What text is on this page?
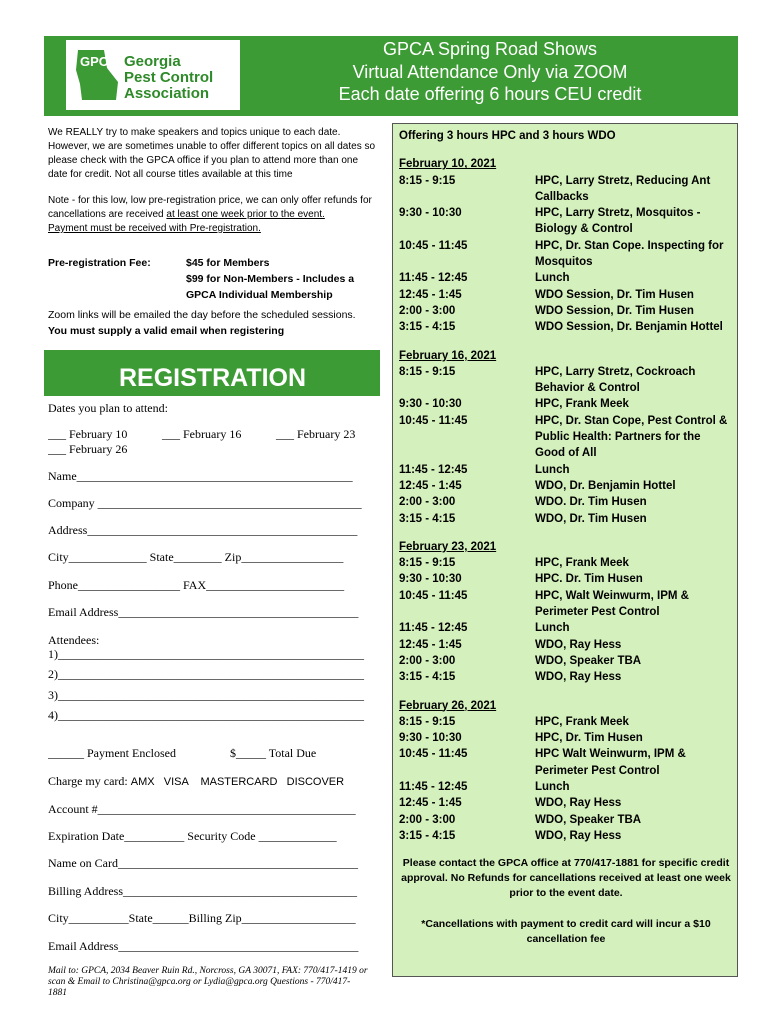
GPCA Georgia
Pest Control
Association
GPCA Spring Road Shows
Virtual Attendance Only via ZOOM
Each date offering 6 hours CEU credit
We REALLY try to make speakers and topics unique to each date. However, we are sometimes unable to offer different topics on all dates so please check with the GPCA office if you plan to attend more than one date for credit. Not all course titles available at this time
Note - for this low, low pre-registration price, we can only offer refunds for cancellations are received at least one week prior to the event.
Payment must be received with Pre-registration.
Pre-registration Fee:	$45 for Members
$99 for Non-Members - Includes a
GPCA Individual Membership
Zoom links will be emailed the day before the scheduled sessions.
You must supply a valid email when registering
REGISTRATION
Dates you plan to attend:
___ February 10	___ February 16	___ February 23
___ February 26
Name______________________________________________
Company ____________________________________________
Address_____________________________________________
City_____________ State________ Zip_________________
Phone_________________ FAX_______________________
Email Address________________________________________
Attendees:
1)___________________________________________________
2)___________________________________________________
3)___________________________________________________
4)___________________________________________________
______ Payment Enclosed	$_____ Total Due
Charge my card: AMX   VISA    MASTERCARD   DISCOVER
Account #___________________________________________
Expiration Date__________ Security Code _____________
Name on Card________________________________________
Billing Address_______________________________________
City__________State______Billing Zip___________________
Email Address________________________________________
Mail to: GPCA, 2034 Beaver Ruin Rd., Norcross, GA 30071, FAX: 770/417-1419 or scan & Email to Christina@gpca.org or Lydia@gpca.org Questions - 770/417-1881
Offering 3 hours HPC and 3 hours WDO
February 10, 2021
8:15 - 9:15	HPC, Larry Stretz, Reducing Ant Callbacks
9:30 - 10:30	HPC, Larry Stretz, Mosquitos - Biology & Control
10:45 - 11:45	HPC, Dr. Stan Cope. Inspecting for Mosquitos
11:45 - 12:45	Lunch
12:45 - 1:45	WDO Session, Dr. Tim Husen
2:00 - 3:00	WDO Session, Dr. Tim Husen
3:15 - 4:15	WDO Session, Dr. Benjamin Hottel
February 16, 2021
8:15 - 9:15	HPC, Larry Stretz, Cockroach Behavior & Control
9:30 - 10:30	HPC, Frank Meek
10:45 - 11:45	HPC, Dr. Stan Cope, Pest Control & Public Health: Partners for the Good of All
11:45 - 12:45	Lunch
12:45 - 1:45	WDO, Dr. Benjamin Hottel
2:00 - 3:00	WDO. Dr. Tim Husen
3:15 - 4:15	WDO, Dr. Tim Husen
February 23, 2021
8:15 - 9:15	HPC, Frank Meek
9:30 - 10:30	HPC. Dr. Tim Husen
10:45 - 11:45	HPC, Walt Weinwurm, IPM & Perimeter Pest Control
11:45 - 12:45	Lunch
12:45 - 1:45	WDO, Ray Hess
2:00 - 3:00	WDO, Speaker TBA
3:15 - 4:15	WDO, Ray Hess
February 26, 2021
8:15 - 9:15	HPC, Frank Meek
9:30 - 10:30	HPC, Dr. Tim Husen
10:45 - 11:45	HPC Walt Weinwurm, IPM & Perimeter Pest Control
11:45 - 12:45	Lunch
12:45 - 1:45	WDO, Ray Hess
2:00 - 3:00	WDO, Speaker TBA
3:15 - 4:15	WDO, Ray Hess
Please contact the GPCA office at 770/417-1881 for specific credit approval. No Refunds for cancellations received at least one week prior to the event date.
*Cancellations with payment to credit card will incur a $10 cancellation fee
